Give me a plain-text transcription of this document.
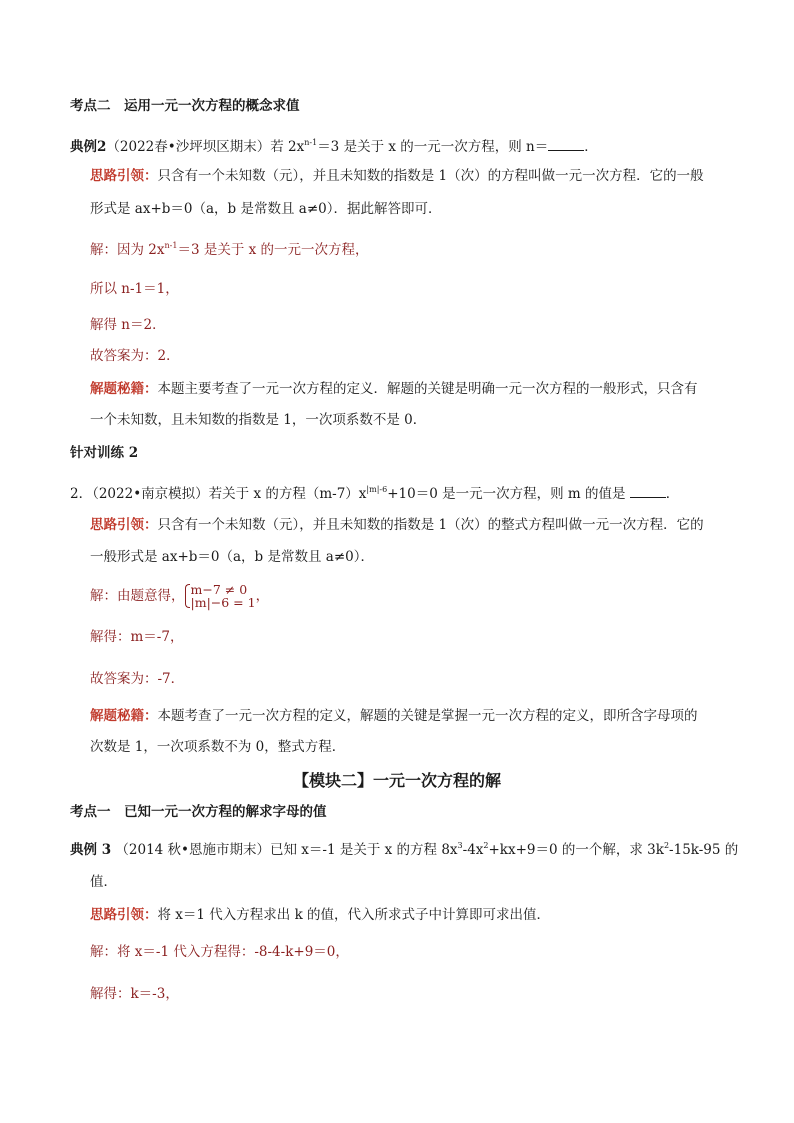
考点二　运用一元一次方程的概念求值
典例2（2022春•沙坪坝区期末）若 $2x^{n-1}=3$ 是关于 x 的一元一次方程，则 n＝	．
思路引领：只含有一个未知数（元），并且未知数的指数是 1（次）的方程叫做一元一次方程．它的一般
形式是 ax+b＝0（a，b 是常数且 a≠0）．据此解答即可．
解：因为 $2x^{n-1}=3$ 是关于 x 的一元一次方程，
所以 n-1＝1，
解得 n＝2．
故答案为：2．
解题秘籍：本题主要考查了一元一次方程的定义．解题的关键是明确一元一次方程的一般形式，只含有
一个未知数，且未知数的指数是 1，一次项系数不是 0．
针对训练 2
2．（2022•南京模拟）若关于 x 的方程$(m-7)x^{|m|-6}+10=0$ 是一元一次方程，则 m 的值是	．
思路引领：只含有一个未知数（元），并且未知数的指数是 1（次）的整式方程叫做一元一次方程．它的
一般形式是 ax+b＝0（a，b 是常数且 a≠0）．
解：由题意得， m−7 ≠ 0
|m|−6 = 1，
解得：m＝-7，
故答案为：-7．
解题秘籍：本题考查了一元一次方程的定义，解题的关键是掌握一元一次方程的定义，即所含字母项的
次数是 1，一次项系数不为 0，整式方程．
【模块二】一元一次方程的解
考点一　已知一元一次方程的解求字母的值
典例 3 （2014 秋•恩施市期末）已知 x＝-1 是关于 x 的方程 $8x^3-4x^2+kx+9=0$ 的一个解，求 $3k^2-15k-95$ 的
值．
思路引领：将 x＝1 代入方程求出 k 的值，代入所求式子中计算即可求出值．
解：将 x＝-1 代入方程得：-8-4-k+9＝0，
解得：k＝-3，
